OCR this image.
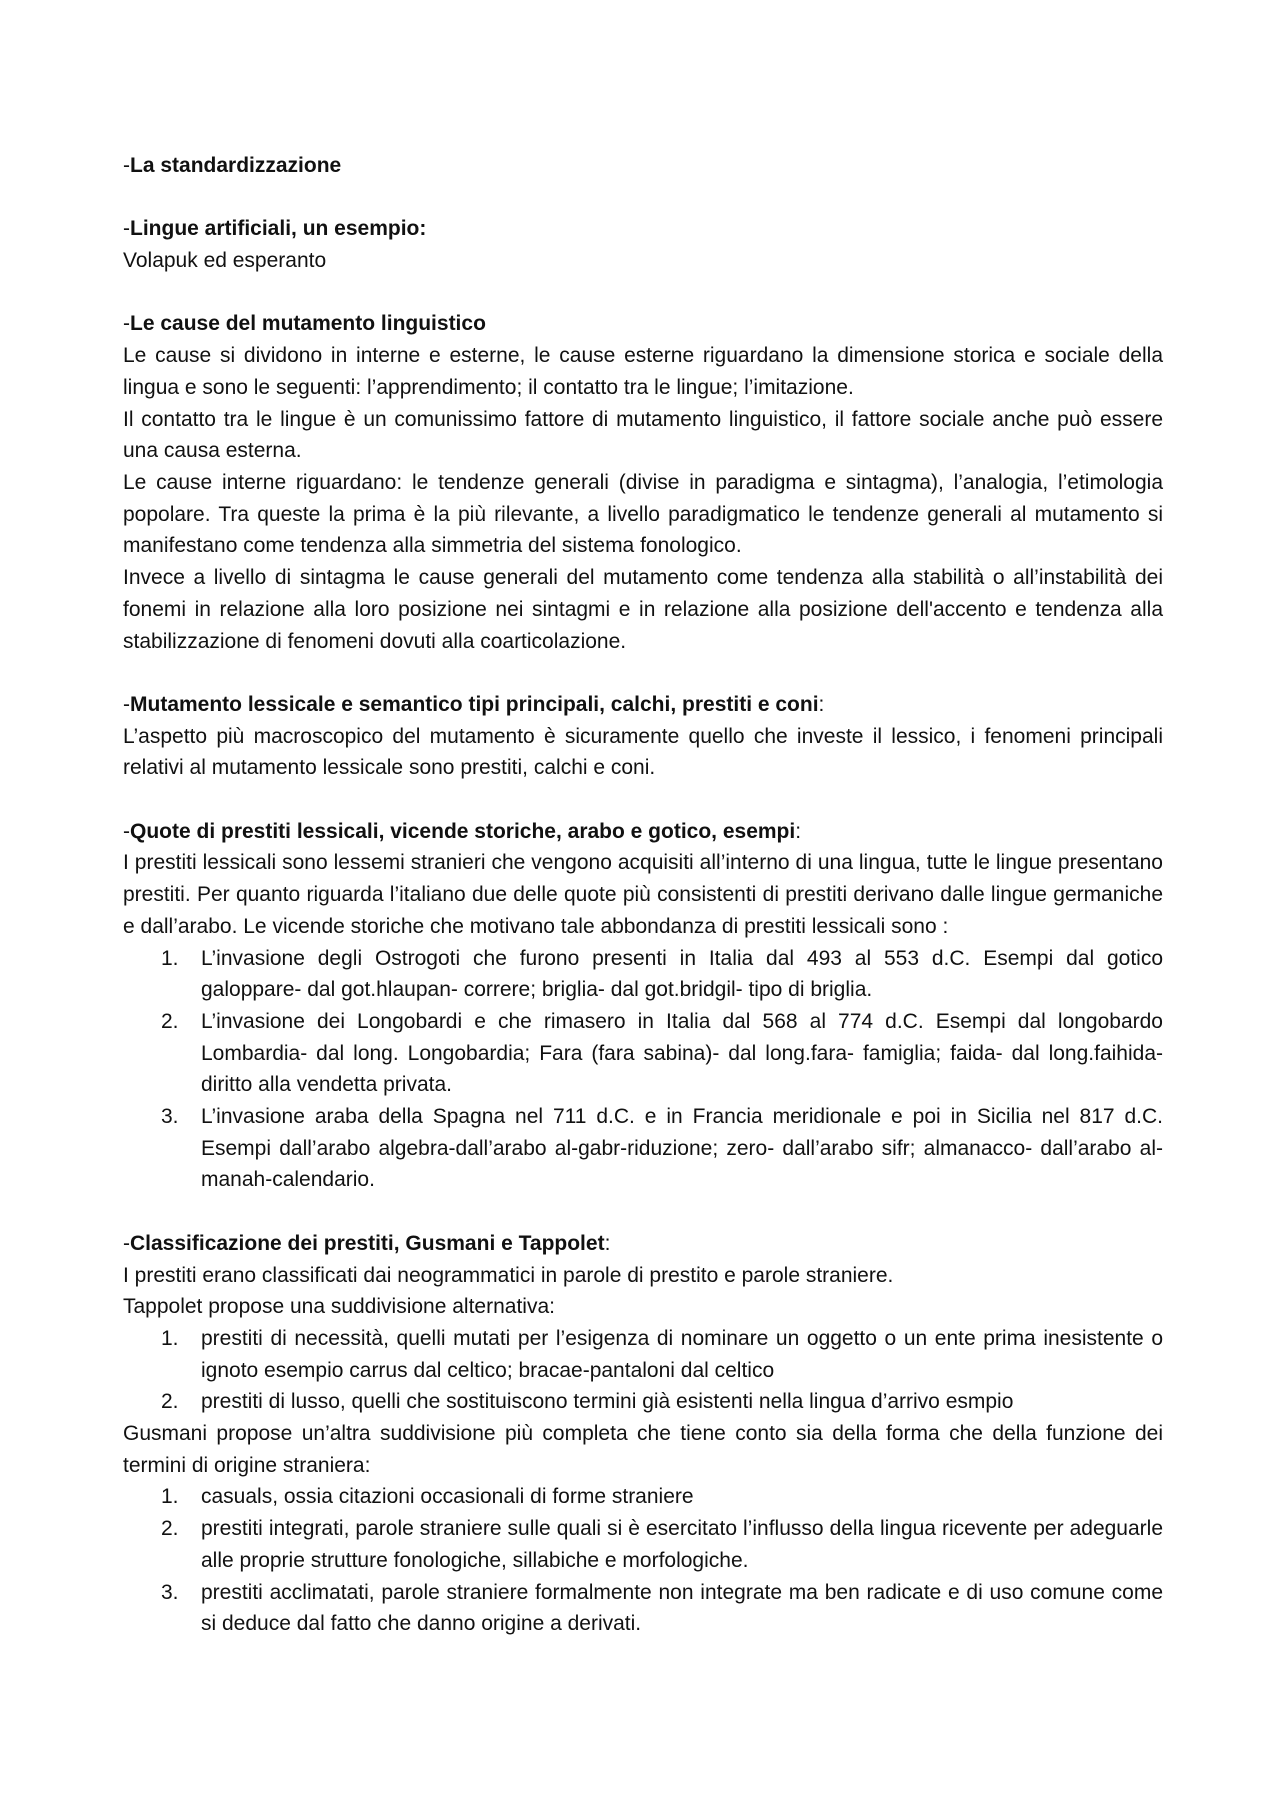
-La standardizzazione

-Lingue artificiali, un esempio:

Volapuk ed esperanto

-Le cause del mutamento linguistico

Le cause si dividono in interne e esterne, le cause esterne riguardano la dimensione storica e sociale della lingua e sono le seguenti: l’apprendimento; il contatto tra le lingue; l’imitazione.

Il contatto tra le lingue è un comunissimo fattore di mutamento linguistico, il fattore sociale anche può essere una causa esterna.

Le cause interne riguardano: le tendenze generali (divise in paradigma e sintagma), l’analogia, l’etimologia popolare. Tra queste la prima è la più rilevante, a livello paradigmatico le tendenze generali al mutamento si manifestano come tendenza alla simmetria del sistema fonologico.

Invece a livello di sintagma le cause generali del mutamento come tendenza alla stabilità o all’instabilità dei fonemi in relazione alla loro posizione nei sintagmi e in relazione alla posizione dell'accento e tendenza alla stabilizzazione di fenomeni dovuti alla coarticolazione.

-Mutamento lessicale e semantico tipi principali, calchi, prestiti e coni:

L’aspetto più macroscopico del mutamento è sicuramente quello che investe il lessico, i fenomeni principali relativi al mutamento lessicale sono prestiti, calchi e coni.

-Quote di prestiti lessicali, vicende storiche, arabo e gotico, esempi:

I prestiti lessicali sono lessemi stranieri che vengono acquisiti all’interno di una lingua, tutte le lingue presentano prestiti. Per quanto riguarda l’italiano due delle quote più consistenti di prestiti derivano dalle lingue germaniche e dall’arabo. Le vicende storiche che motivano tale abbondanza di prestiti lessicali sono :

1. L’invasione degli Ostrogoti che furono presenti in Italia dal 493 al 553 d.C. Esempi dal gotico galoppare- dal got.hlaupan- correre; briglia- dal got.bridgil- tipo di briglia.
2. L’invasione dei Longobardi e che rimasero in Italia dal 568 al 774 d.C. Esempi dal longobardo Lombardia- dal long. Longobardia; Fara (fara sabina)- dal long.fara- famiglia; faida- dal long.faihida- diritto alla vendetta privata.
3. L’invasione araba della Spagna nel 711 d.C. e in Francia meridionale e poi in Sicilia nel 817 d.C. Esempi dall’arabo algebra-dall’arabo al-gabr-riduzione; zero- dall’arabo sifr; almanacco- dall’arabo al-manah-calendario.

-Classificazione dei prestiti, Gusmani e Tappolet:

I prestiti erano classificati dai neogrammatici in parole di prestito e parole straniere.

Tappolet propose una suddivisione alternativa:

1. prestiti di necessità, quelli mutati per l’esigenza di nominare un oggetto o un ente prima inesistente o ignoto esempio carrus dal celtico; bracae-pantaloni dal celtico
2. prestiti di lusso, quelli che sostituiscono termini già esistenti nella lingua d’arrivo esmpio

Gusmani propose un’altra suddivisione più completa che tiene conto sia della forma che della funzione dei termini di origine straniera:

1. casuals, ossia citazioni occasionali di forme straniere
2. prestiti integrati, parole straniere sulle quali si è esercitato l’influsso della lingua ricevente per adeguarle alle proprie strutture fonologiche, sillabiche e morfologiche.
3. prestiti acclimatati, parole straniere formalmente non integrate ma ben radicate e di uso comune come si deduce dal fatto che danno origine a derivati.
